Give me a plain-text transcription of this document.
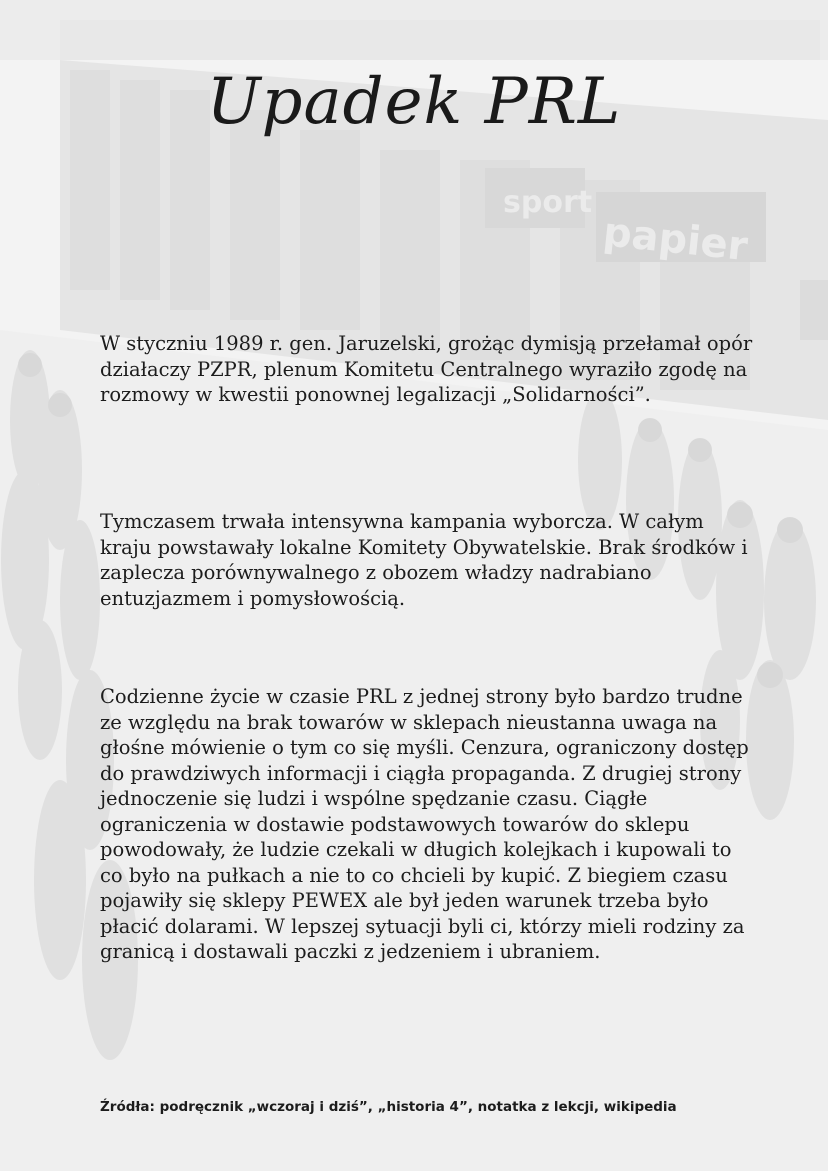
sport
papier
Upadek PRL
W styczniu 1989 r. gen. Jaruzelski, grożąc dymisją przełamał opór działaczy PZPR, plenum Komitetu Centralnego wyraziło zgodę na rozmowy w kwestii ponownej legalizacji „Solidarności”.
Tymczasem trwała intensywna kampania wyborcza. W całym kraju powstawały lokalne Komitety Obywatelskie. Brak środków i zaplecza porównywalnego z obozem władzy nadrabiano entuzjazmem i pomysłowością.
Codzienne życie w czasie PRL z jednej strony było bardzo trudne ze względu na brak towarów w sklepach nieustanna uwaga na głośne mówienie o tym co się myśli. Cenzura, ograniczony dostęp do prawdziwych informacji i ciągła propaganda. Z drugiej strony jednoczenie się ludzi i wspólne spędzanie czasu. Ciągłe ograniczenia w dostawie podstawowych towarów do sklepu powodowały, że ludzie czekali w długich kolejkach i kupowali to co było na pułkach a nie to co chcieli by kupić. Z biegiem czasu pojawiły się sklepy PEWEX ale był jeden warunek trzeba było płacić dolarami. W lepszej sytuacji byli ci, którzy mieli rodziny za granicą i dostawali paczki z jedzeniem i ubraniem.
Źródła: podręcznik „wczoraj i dziś”, „historia 4”, notatka z lekcji, wikipedia
